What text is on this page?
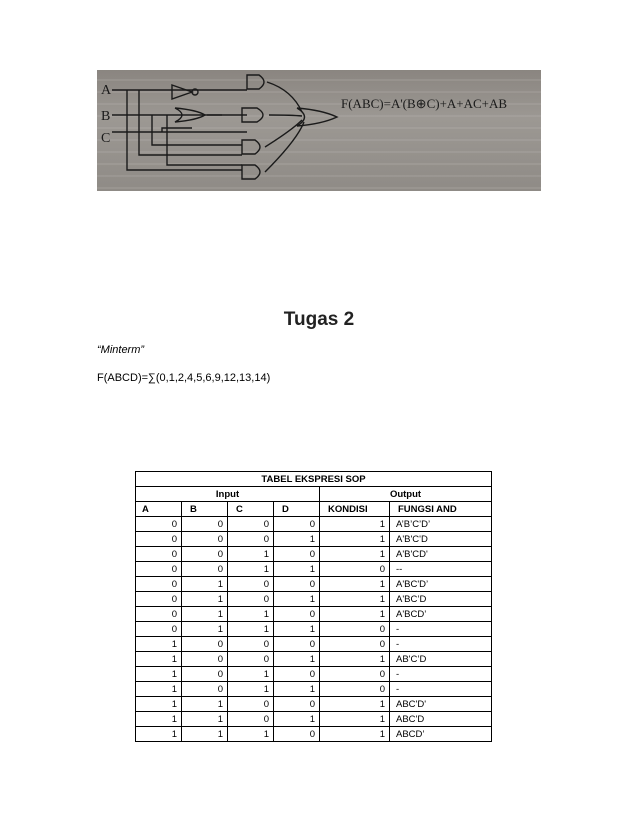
A
B
C
F(ABC)=A'(B⊕C)+A+AC+AB
Tugas 2
“Minterm”
F(ABCD)=∑(0,1,2,4,5,6,9,12,13,14)
TABEL EKSPRESI SOP					
Input				Output	
A	B	C	D	KONDISI	FUNGSI AND
0	0	0	0	1	A’B’C’D’
0	0	0	1	1	A'B'C'D
0	0	1	0	1	A'B'CD'
0	0	1	1	0	--
0	1	0	0	1	A'BC'D’
0	1	0	1	1	A'BC’D
0	1	1	0	1	A'BCD’
0	1	1	1	0	-
1	0	0	0	0	-
1	0	0	1	1	AB'C’D
1	0	1	0	0	-
1	0	1	1	0	-
1	1	0	0	1	ABC'D'
1	1	0	1	1	ABC'D
1	1	1	0	1	ABCD’
